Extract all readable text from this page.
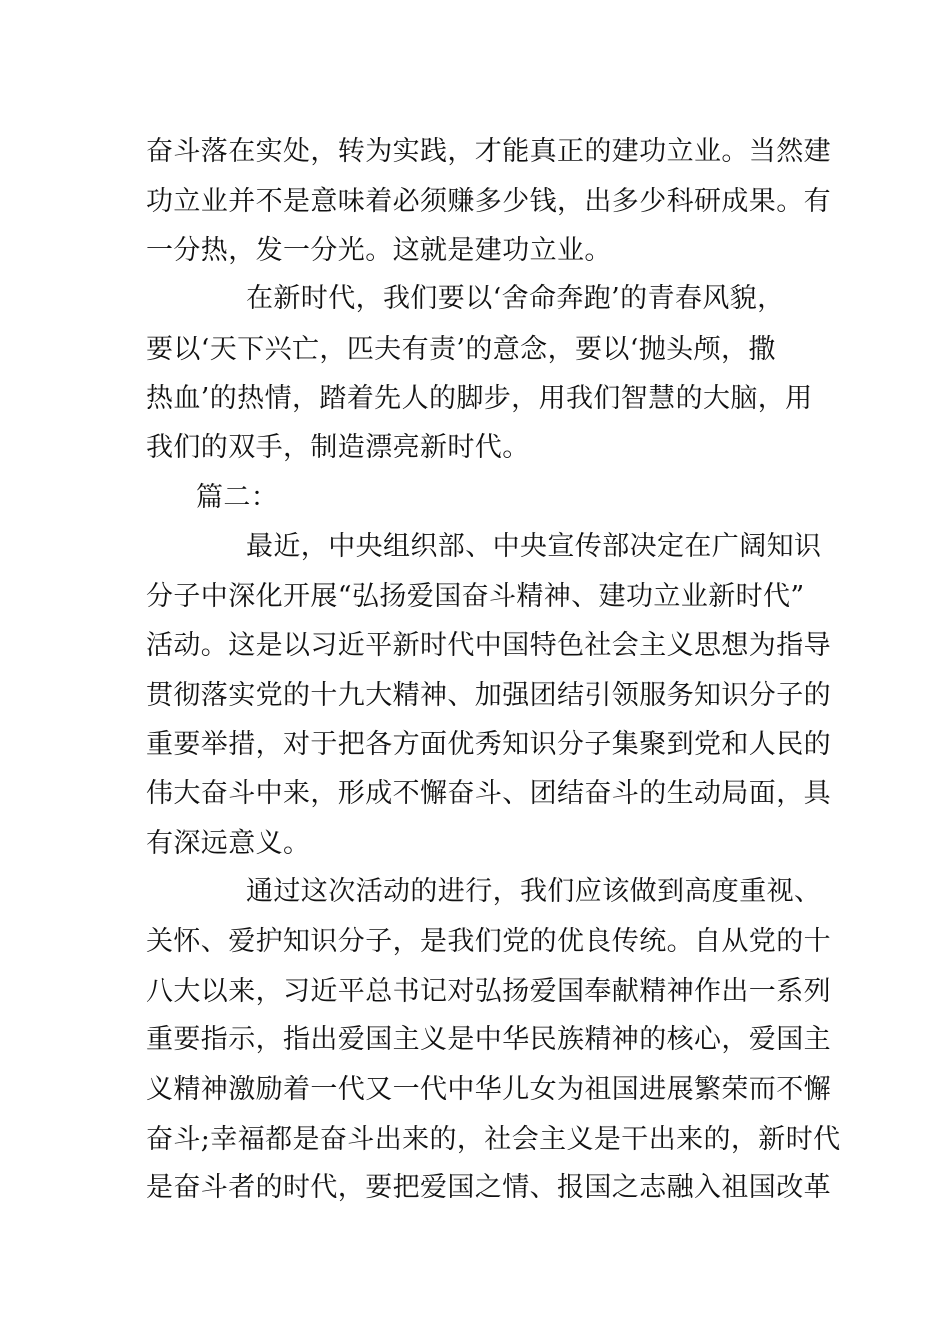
奋斗落在实处，转为实践，才能真正的建功立业。当然建
功立业并不是意味着必须赚多少钱，出多少科研成果。有
一分热，发一分光。这就是建功立业。
在新时代，我们要以‘舍命奔跑’的青春风貌，
要以‘天下兴亡，匹夫有责’的意念，要以‘抛头颅，撒
热血’的热情，踏着先人的脚步，用我们智慧的大脑，用
我们的双手，制造漂亮新时代。
篇二：
最近，中央组织部、中央宣传部决定在广阔知识
分子中深化开展“弘扬爱国奋斗精神、建功立业新时代”
活动。这是以习近平新时代中国特色社会主义思想为指导
贯彻落实党的十九大精神、加强团结引领服务知识分子的
重要举措，对于把各方面优秀知识分子集聚到党和人民的
伟大奋斗中来，形成不懈奋斗、团结奋斗的生动局面，具
有深远意义。
通过这次活动的进行，我们应该做到高度重视、
关怀、爱护知识分子，是我们党的优良传统。自从党的十
八大以来，习近平总书记对弘扬爱国奉献精神作出一系列
重要指示，指出爱国主义是中华民族精神的核心，爱国主
义精神激励着一代又一代中华儿女为祖国进展繁荣而不懈
奋斗;幸福都是奋斗出来的，社会主义是干出来的，新时代
是奋斗者的时代，要把爱国之情、报国之志融入祖国改革
